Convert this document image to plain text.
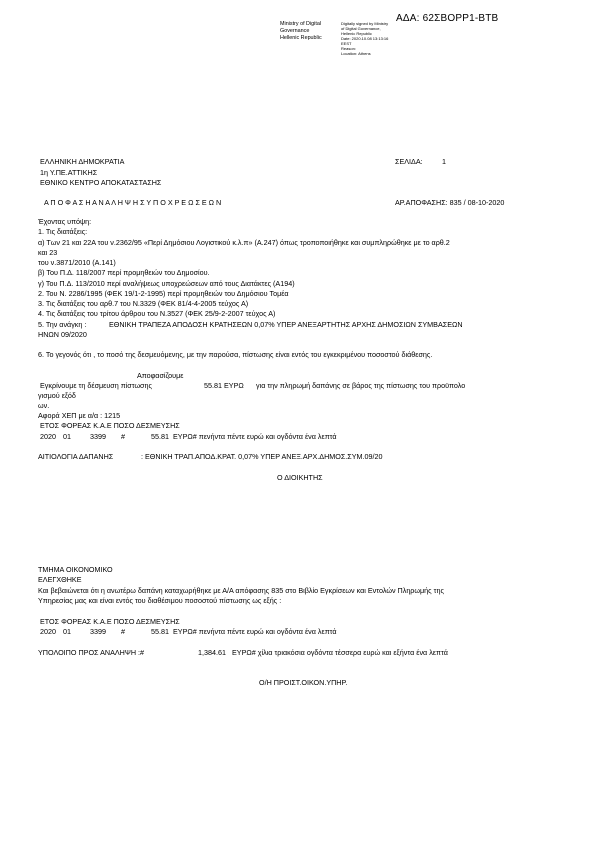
ΑΔΑ: 62ΣΒΟΡΡ1-ΒΤΒ
Ministry of Digital
Governance
Hellenic Republic
Digitally signed by Ministry
of Digital Governance,
Hellenic Republic
Date: 2020.10.08 13:13:16
EEST
Reason:
Location: Athens
ΕΛΛΗΝΙΚΗ ΔΗΜΟΚΡΑΤΙΑ
1η Υ.ΠΕ.ΑΤΤΙΚΗΣ
ΕΘΝΙΚΟ ΚΕΝΤΡΟ ΑΠΟΚΑΤΑΣΤΑΣΗΣ
ΣΕΛΙΔΑ:	1
Α Π Ο Φ Α Σ Η Α Ν Α Λ Η Ψ Η Σ Υ Π Ο Χ Ρ Ε Ω Σ Ε Ω Ν	ΑΡ.ΑΠΟΦΑΣΗΣ: 835 / 08-10-2020
Έχοντας υπόψη:
1. Τις διατάξεις:
α) Των 21 και 22Α του ν.2362/95 «Περί Δημόσιου Λογιστικού κ.λ.π» (Α.247) όπως τροποποιήθηκε και συμπληρώθηκε με το αρθ.2
και 23
του ν.3871/2010 (Α.141)
β) Του Π.Δ. 118/2007 περί προμηθειών του Δημοσίου.
γ) Του Π.Δ. 113/2010 περί αναλήψεως υποχρεώσεων από τους Διατάκτες (Α194)
2. Του Ν. 2286/1995 (ΦΕΚ 19/1-2-1995) περί προμηθειών του Δημόσιου Τομέα
3. Τις διατάξεις του αρθ.7 του Ν.3329 (ΦΕΚ 81/4-4-2005 τεύχος Α)
4. Τις διατάξεις του τρίτου άρθρου του Ν.3527 (ΦΕΚ 25/9-2-2007 τεύχος Α)
5. Την ανάγκη :	ΕΘΝΙΚΗ ΤΡΑΠΕΖΑ ΑΠΟΔΟΣΗ ΚΡΑΤΗΣΕΩΝ 0,07% ΥΠΕΡ ΑΝΕΞΑΡΤΗΤΗΣ ΑΡΧΗΣ ΔΗΜΟΣΙΩΝ ΣΥΜΒΑΣΕΩΝ
ΗΝΩΝ 09/2020
6. Το γεγονός ότι , το ποσό της δεσμευόμενης, με την παρούσα, πίστωσης είναι εντός του εγκεκριμένου ποσοστού διάθεσης.
Αποφασίζουμε
Εγκρίνουμε τη δέσμευση πίστωσης	55.81 ΕΥΡΩ για την πληρωμή δαπάνης σε βάρος της πίστωσης του προϋπολο
γισμού εξόδ
ων.
Αφορά ΧΕΠ με α/α : 1215
ΕΤΟΣ ΦΟΡΕΑΣ Κ.Α.Ε ΠΟΣΟ ΔΕΣΜΕΥΣΗΣ
2020 01	3399 #	55.81 ΕΥΡΩ# πενήντα πέντε ευρώ και ογδόντα ένα λεπτά
ΑΙΤΙΟΛΟΓΙΑ ΔΑΠΑΝΗΣ	: ΕΘΝΙΚΗ ΤΡΑΠ.ΑΠΟΔ.ΚΡΑΤ. 0,07% ΥΠΕΡ ΑΝΕΞ.ΑΡΧ.ΔΗΜΟΣ.ΣΥΜ.09/20
Ο ΔΙΟΙΚΗΤΗΣ
ΤΜΗΜΑ ΟΙΚΟΝΟΜΙΚΟ
ΕΛΕΓΧΘΗΚΕ
Και βεβαιώνεται ότι η ανωτέρω δαπάνη καταχωρήθηκε με Α/Α απόφασης 835 στο Βιβλίο Εγκρίσεων και Εντολών Πληρωμής της
Υπηρεσίας μας και είναι εντός του διαθέσιμου ποσοστού πίστωσης ως εξής :
ΕΤΟΣ ΦΟΡΕΑΣ Κ.Α.Ε ΠΟΣΟ ΔΕΣΜΕΥΣΗΣ
2020 01	3399 #	55.81 ΕΥΡΩ# πενήντα πέντε ευρώ και ογδόντα ένα λεπτά
ΥΠΟΛΟΙΠΟ ΠΡΟΣ ΑΝΑΛΗΨΗ :#	1,384.61 ΕΥΡΩ# χίλια τριακόσια ογδόντα τέσσερα ευρώ και εξήντα ένα λεπτά
Ο/Η ΠΡΟΙΣΤ.ΟΙΚΟΝ.ΥΠΗΡ.
